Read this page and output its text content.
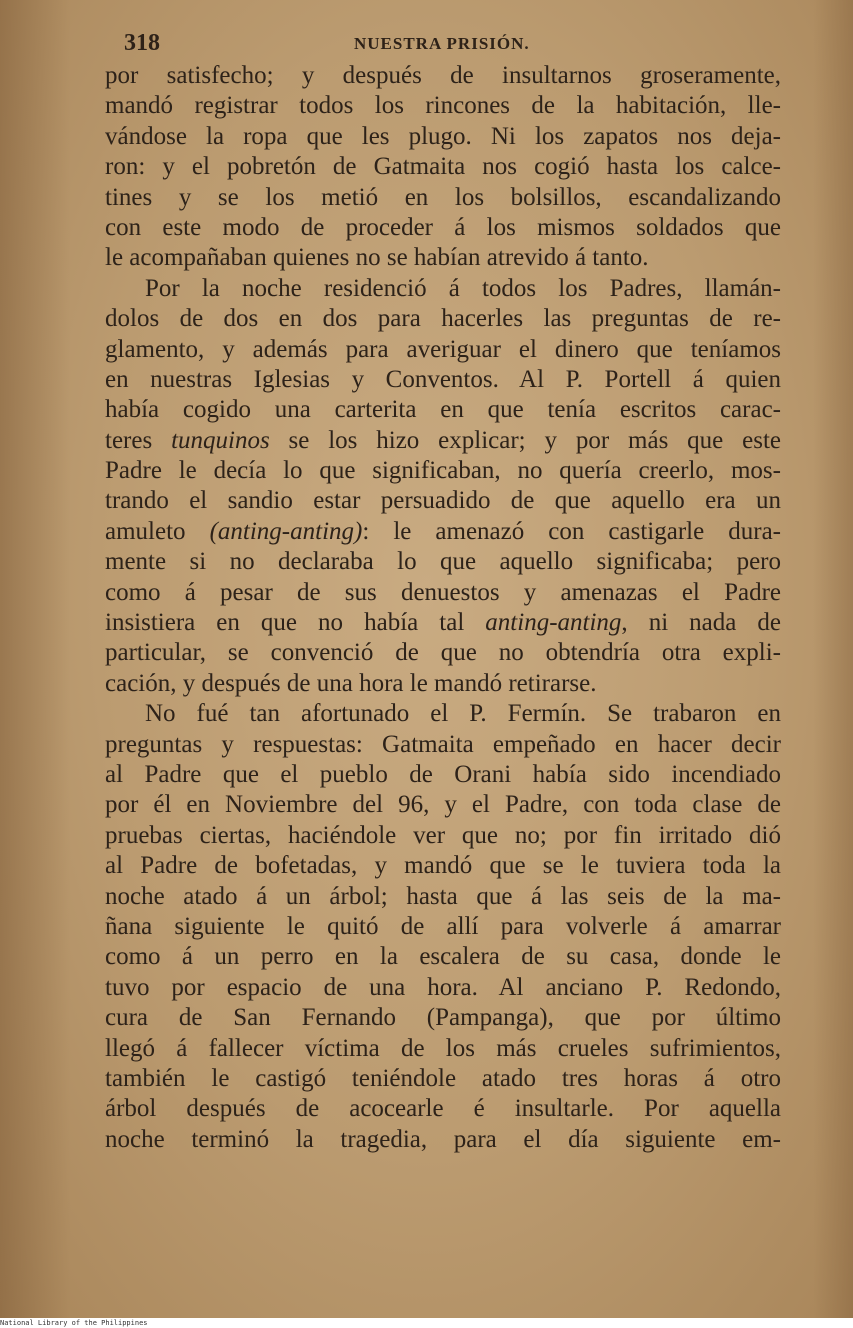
318	NUESTRA PRISIÓN.
por satisfecho; y después de insultarnos groseramente,
mandó registrar todos los rincones de la habitación, lle-
vándose la ropa que les plugo. Ni los zapatos nos deja-
ron: y el pobretón de Gatmaita nos cogió hasta los calce-
tines y se los metió en los bolsillos, escandalizando
con este modo de proceder á los mismos soldados que
le acompañaban quienes no se habían atrevido á tanto.
Por la noche residenció á todos los Padres, llamán-
dolos de dos en dos para hacerles las preguntas de re-
glamento, y además para averiguar el dinero que teníamos
en nuestras Iglesias y Conventos. Al P. Portell á quien
había cogido una carterita en que tenía escritos carac-
teres tunquinos se los hizo explicar; y por más que este
Padre le decía lo que significaban, no quería creerlo, mos-
trando el sandio estar persuadido de que aquello era un
amuleto (anting-anting): le amenazó con castigarle dura-
mente si no declaraba lo que aquello significaba; pero
como á pesar de sus denuestos y amenazas el Padre
insistiera en que no había tal anting-anting, ni nada de
particular, se convenció de que no obtendría otra expli-
cación, y después de una hora le mandó retirarse.
No fué tan afortunado el P. Fermín. Se trabaron en
preguntas y respuestas: Gatmaita empeñado en hacer decir
al Padre que el pueblo de Orani había sido incendiado
por él en Noviembre del 96, y el Padre, con toda clase de
pruebas ciertas, haciéndole ver que no; por fin irritado dió
al Padre de bofetadas, y mandó que se le tuviera toda la
noche atado á un árbol; hasta que á las seis de la ma-
ñana siguiente le quitó de allí para volverle á amarrar
como á un perro en la escalera de su casa, donde le
tuvo por espacio de una hora. Al anciano P. Redondo,
cura de San Fernando (Pampanga), que por último
llegó á fallecer víctima de los más crueles sufrimientos,
también le castigó teniéndole atado tres horas á otro
árbol después de acocearle é insultarle. Por aquella
noche terminó la tragedia, para el día siguiente em-
National Library of the Philippines
